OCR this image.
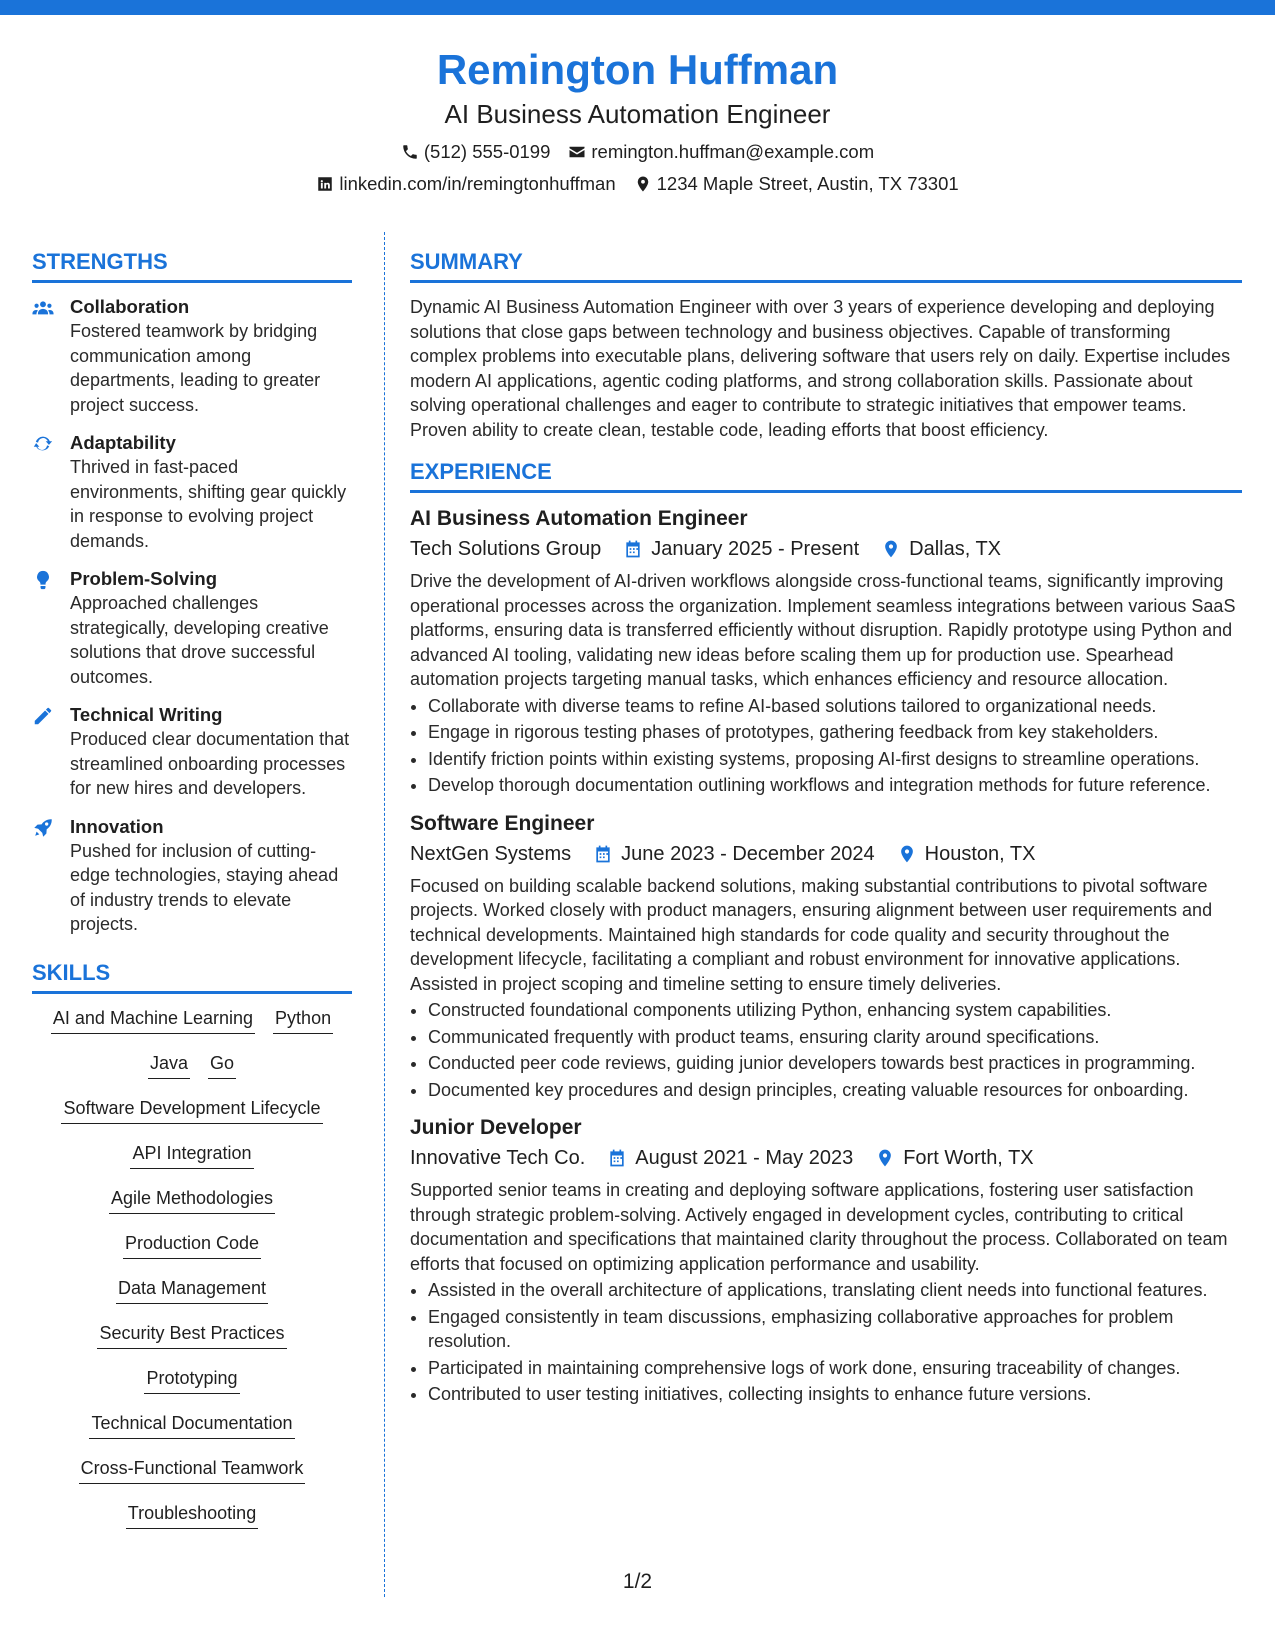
Remington Huffman
AI Business Automation Engineer
(512) 555-0199 remington.huffman@example.com
linkedin.com/in/remingtonhuffman 1234 Maple Street, Austin, TX 73301
STRENGTHS
Collaboration
Fostered teamwork by bridging communication among departments, leading to greater project success.
Adaptability
Thrived in fast-paced environments, shifting gear quickly in response to evolving project demands.
Problem-Solving
Approached challenges strategically, developing creative solutions that drove successful outcomes.
Technical Writing
Produced clear documentation that streamlined onboarding processes for new hires and developers.
Innovation
Pushed for inclusion of cutting-edge technologies, staying ahead of industry trends to elevate projects.
SKILLS
AI and Machine Learning Python
Java Go
Software Development Lifecycle
API Integration
Agile Methodologies
Production Code
Data Management
Security Best Practices
Prototyping
Technical Documentation
Cross-Functional Teamwork
Troubleshooting
SUMMARY

Dynamic AI Business Automation Engineer with over 3 years of experience developing and deploying solutions that close gaps between technology and business objectives. Capable of transforming complex problems into executable plans, delivering software that users rely on daily. Expertise includes modern AI applications, agentic coding platforms, and strong collaboration skills. Passionate about solving operational challenges and eager to contribute to strategic initiatives that empower teams. Proven ability to create clean, testable code, leading efforts that boost efficiency.

EXPERIENCE
AI Business Automation Engineer
Tech Solutions Group	January 2025 - Present	Dallas, TX

Drive the development of AI-driven workflows alongside cross-functional teams, significantly improving operational processes across the organization. Implement seamless integrations between various SaaS platforms, ensuring data is transferred efficiently without disruption. Rapidly prototype using Python and advanced AI tooling, validating new ideas before scaling them up for production use. Spearhead automation projects targeting manual tasks, which enhances efficiency and resource allocation.

• Collaborate with diverse teams to refine AI-based solutions tailored to organizational needs.
• Engage in rigorous testing phases of prototypes, gathering feedback from key stakeholders.
• Identify friction points within existing systems, proposing AI-first designs to streamline operations.
• Develop thorough documentation outlining workflows and integration methods for future reference.
Software Engineer
NextGen Systems	June 2023 - December 2024	Houston, TX

Focused on building scalable backend solutions, making substantial contributions to pivotal software projects. Worked closely with product managers, ensuring alignment between user requirements and technical developments. Maintained high standards for code quality and security throughout the development lifecycle, facilitating a compliant and robust environment for innovative applications. Assisted in project scoping and timeline setting to ensure timely deliveries.

• Constructed foundational components utilizing Python, enhancing system capabilities.
• Communicated frequently with product teams, ensuring clarity around specifications.
• Conducted peer code reviews, guiding junior developers towards best practices in programming.
• Documented key procedures and design principles, creating valuable resources for onboarding.
Junior Developer
Innovative Tech Co.	August 2021 - May 2023	Fort Worth, TX

Supported senior teams in creating and deploying software applications, fostering user satisfaction through strategic problem-solving. Actively engaged in development cycles, contributing to critical documentation and specifications that maintained clarity throughout the process. Collaborated on team efforts that focused on optimizing application performance and usability.

• Assisted in the overall architecture of applications, translating client needs into functional features.
• Engaged consistently in team discussions, emphasizing collaborative approaches for problem resolution.
• Participated in maintaining comprehensive logs of work done, ensuring traceability of changes.
• Contributed to user testing initiatives, collecting insights to enhance future versions.
1/2
